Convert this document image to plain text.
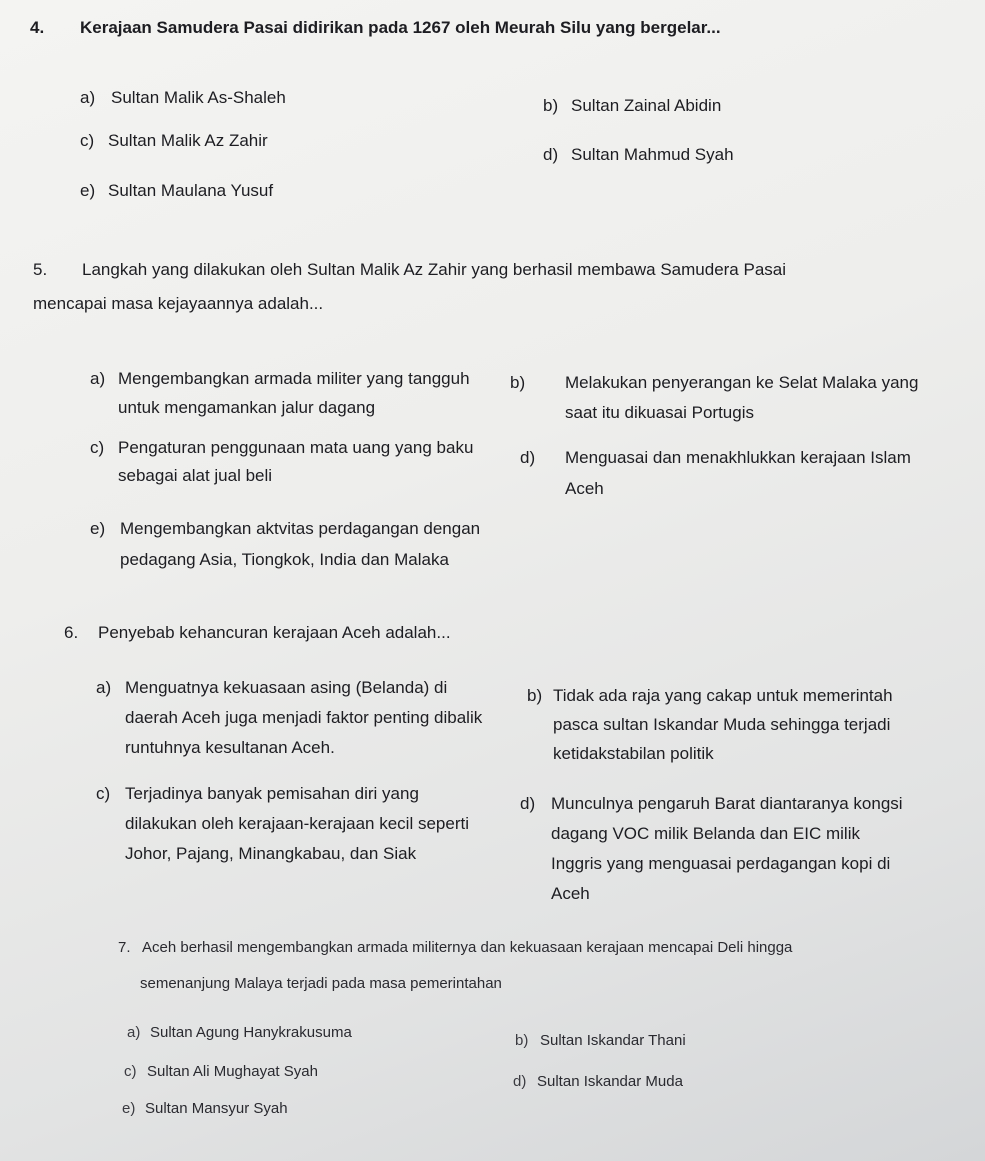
4. Kerajaan Samudera Pasai didirikan pada 1267 oleh Meurah Silu yang bergelar...
a) Sultan Malik As-Shaleh	b) Sultan Zainal Abidin
c) Sultan Malik Az Zahir
d) Sultan Mahmud Syah
e) Sultan Maulana Yusuf
5. Langkah yang dilakukan oleh Sultan Malik Az Zahir yang berhasil membawa Samudera Pasai
mencapai masa kejayaannya adalah...
a) Mengembangkan armada militer yang tangguh
untuk mengamankan jalur dagang
b) Melakukan penyerangan ke Selat Malaka yang
saat itu dikuasai Portugis
c) Pengaturan penggunaan mata uang yang baku
sebagai alat jual beli
d) Menguasai dan menakhlukkan kerajaan Islam
Aceh
e) Mengembangkan aktvitas perdagangan dengan
pedagang Asia, Tiongkok, India dan Malaka
6. Penyebab kehancuran kerajaan Aceh adalah...
a) Menguatnya kekuasaan asing (Belanda) di
daerah Aceh juga menjadi faktor penting dibalik
runtuhnya kesultanan Aceh.
b) Tidak ada raja yang cakap untuk memerintah
pasca sultan Iskandar Muda sehingga terjadi
ketidakstabilan politik
c) Terjadinya banyak pemisahan diri yang
dilakukan oleh kerajaan-kerajaan kecil seperti
Johor, Pajang, Minangkabau, dan Siak
d) Munculnya pengaruh Barat diantaranya kongsi
dagang VOC milik Belanda dan EIC milik
Inggris yang menguasai perdagangan kopi di
Aceh
7. Aceh berhasil mengembangkan armada militernya dan kekuasaan kerajaan mencapai Deli hingga
semenanjung Malaya terjadi pada masa pemerintahan
a) Sultan Agung Hanykrakusuma	b) Sultan Iskandar Thani
c) Sultan Ali Mughayat Syah
d) Sultan Iskandar Muda
e) Sultan Mansyur Syah
